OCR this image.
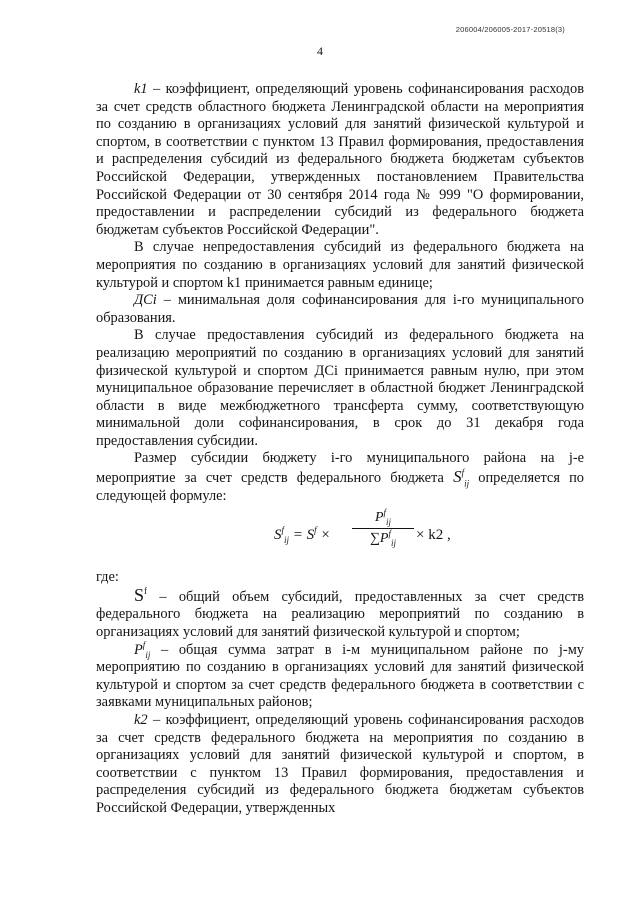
206004/206005-2017-20518(3)
4

k1 – коэффициент, определяющий уровень софинансирования расходов за счет средств областного бюджета Ленинградской области на мероприятия по созданию в организациях условий для занятий физической культурой и спортом, в соответствии с пунктом 13 Правил формирования, предоставления и распределения субсидий из федерального бюджета бюджетам субъектов Российской Федерации, утвержденных постановлением Правительства Российской Федерации от 30 сентября 2014 года № 999 "О формировании, предоставлении и распределении субсидий из федерального бюджета бюджетам субъектов Российской Федерации".

В случае непредоставления субсидий из федерального бюджета на мероприятия по созданию в организациях условий для занятий физической культурой и спортом k1 принимается равным единице;

ДСi – минимальная доля софинансирования для i-го муниципального образования.

В случае предоставления субсидий из федерального бюджета на реализацию мероприятий по созданию в организациях условий для занятий физической культурой и спортом ДСi принимается равным нулю, при этом муниципальное образование перечисляет в областной бюджет Ленинградской области в виде межбюджетного трансферта сумму, соответствующую минимальной доли софинансирования, в срок до 31 декабря года предоставления субсидии.

Размер субсидии бюджету i-го муниципального района на j-е мероприятие за счет средств федерального бюджета $S^f_{ij}$ определяется по следующей формуле:

$S^f_{ij} = S^f$ ×
$P^f_{ij}$
$\sum P^f_{ij}$	× k2 ,

где:

$S^f$ – общий объем субсидий, предоставленных за счет средств федерального бюджета на реализацию мероприятий по созданию в организациях условий для занятий физической культурой и спортом;

$P^f_{ij}$ – общая сумма затрат в i-м муниципальном районе по j-му мероприятию по созданию в организациях условий для занятий физической культурой и спортом за счет средств федерального бюджета в соответствии с заявками муниципальных районов;

k2 – коэффициент, определяющий уровень софинансирования расходов за счет средств федерального бюджета на мероприятия по созданию в организациях условий для занятий физической культурой и спортом, в соответствии с пунктом 13 Правил формирования, предоставления и распределения субсидий из федерального бюджета бюджетам субъектов Российской Федерации, утвержденных
